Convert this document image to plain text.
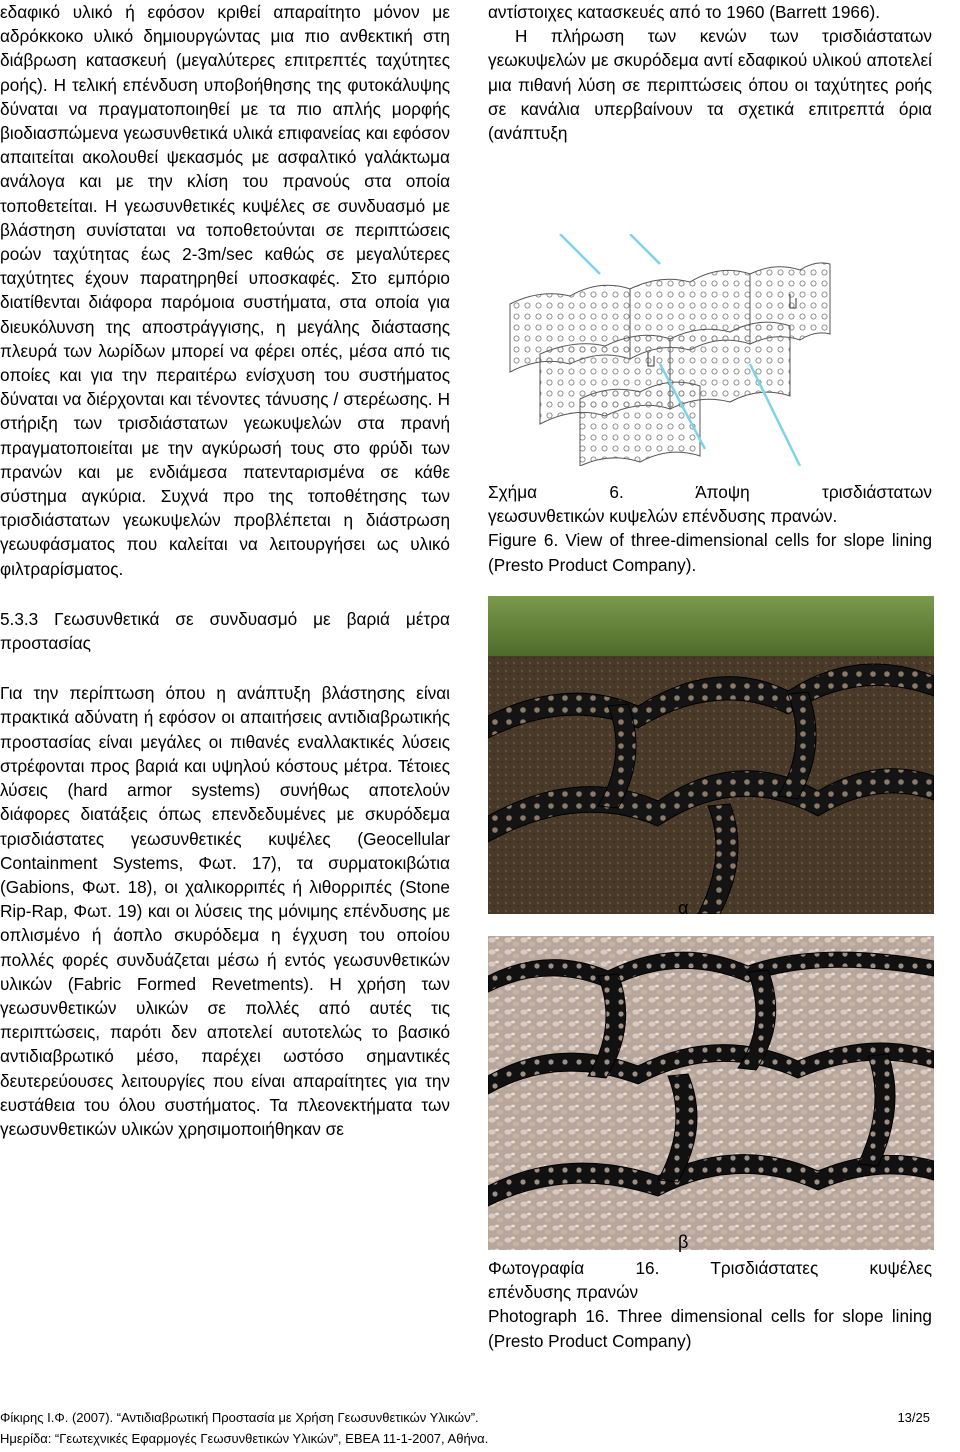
εδαφικό υλικό ή εφόσον κριθεί απαραίτητο μόνον με αδρόκκοκο υλικό δημιουργώντας μια πιο ανθεκτική στη διάβρωση κατασκευή (μεγαλύτερες επιτρεπτές ταχύτητες ροής). Η τελική επένδυση υποβοήθησης της φυτοκάλυψης δύναται να πραγματοποιηθεί με τα πιο απλής μορφής βιοδιασπώμενα γεωσυνθετικά υλικά επιφανείας και εφόσον απαιτείται ακολουθεί ψεκασμός με ασφαλτικό γαλάκτωμα ανάλογα και με την κλίση του πρανούς στα οποία τοποθετείται. Η γεωσυνθετικές κυψέλες σε συνδυασμό με βλάστηση συνίσταται να τοποθετούνται σε περιπτώσεις ροών ταχύτητας έως 2-3m/sec καθώς σε μεγαλύτερες ταχύτητες έχουν παρατηρηθεί υποσκαφές. Στο εμπόριο διατίθενται διάφορα παρόμοια συστήματα, στα οποία για διευκόλυνση της αποστράγγισης, η μεγάλης διάστασης πλευρά των λωρίδων μπορεί να φέρει οπές, μέσα από τις οποίες και για την περαιτέρω ενίσχυση του συστήματος δύναται να διέρχονται και τένοντες τάνυσης / στερέωσης. Η στήριξη των τρισδιάστατων γεωκυψελών στα πρανή πραγματοποιείται με την αγκύρωσή τους στο φρύδι των πρανών και με ενδιάμεσα πατενταρισμένα σε κάθε σύστημα αγκύρια. Συχνά προ της τοποθέτησης των τρισδιάστατων γεωκυψελών προβλέπεται η διάστρωση γεωυφάσματος που καλείται να λειτουργήσει ως υλικό φιλτραρίσματος.

5.3.3 Γεωσυνθετικά σε συνδυασμό με βαριά μέτρα προστασίας

Για την περίπτωση όπου η ανάπτυξη βλάστησης είναι πρακτικά αδύνατη ή εφόσον οι απαιτήσεις αντιδιαβρωτικής προστασίας είναι μεγάλες οι πιθανές εναλλακτικές λύσεις στρέφονται προς βαριά και υψηλού κόστους μέτρα. Τέτοιες λύσεις (hard armor systems) συνήθως αποτελούν διάφορες διατάξεις όπως επενδεδυμένες με σκυρόδεμα τρισδιάστατες γεωσυνθετικές κυψέλες (Geocellular Containment Systems, Φωτ. 17), τα συρματοκιβώτια (Gabions, Φωτ. 18), οι χαλικορριπές ή λιθορριπές (Stone Rip-Rap, Φωτ. 19) και οι λύσεις της μόνιμης επένδυσης με οπλισμένο ή άοπλο σκυρόδεμα η έγχυση του οποίου πολλές φορές συνδυάζεται μέσω ή εντός γεωσυνθετικών υλικών (Fabric Formed Revetments). Η χρήση των γεωσυνθετικών υλικών σε πολλές από αυτές τις περιπτώσεις, παρότι δεν αποτελεί αυτοτελώς το βασικό αντιδιαβρωτικό μέσο, παρέχει ωστόσο σημαντικές δευτερεύουσες λειτουργίες που είναι απαραίτητες για την ευστάθεια του όλου συστήματος. Τα πλεονεκτήματα των γεωσυνθετικών υλικών χρησιμοποιήθηκαν σε

αντίστοιχες κατασκευές από το 1960 (Barrett 1966).

Η πλήρωση των κενών των τρισδιάστατων γεωκυψελών με σκυρόδεμα αντί εδαφικού υλικού αποτελεί μια πιθανή λύση σε περιπτώσεις όπου οι ταχύτητες ροής σε κανάλια υπερβαίνουν τα σχετικά επιτρεπτά όρια (ανάπτυξη

Σχήμα	6.	Άποψη	τρισδιάστατων
γεωσυνθετικών κυψελών επένδυσης πρανών.
Figure 6. View of three-dimensional cells for slope lining (Presto Product Company).
α
β
Φωτογραφία	16.	Τρισδιάστατες	κυψέλες
επένδυσης πρανών
Photograph 16. Three dimensional cells for slope lining (Presto Product Company)
Φίκιρης Ι.Φ. (2007). “Αντιδιαβρωτική Προστασία με Χρήση Γεωσυνθετικών Υλικών”.
Ημερίδα: “Γεωτεχνικές Εφαρμογές Γεωσυνθετικών Υλικών”, ΕΒΕΑ 11-1-2007, Αθήνα.
13/25
